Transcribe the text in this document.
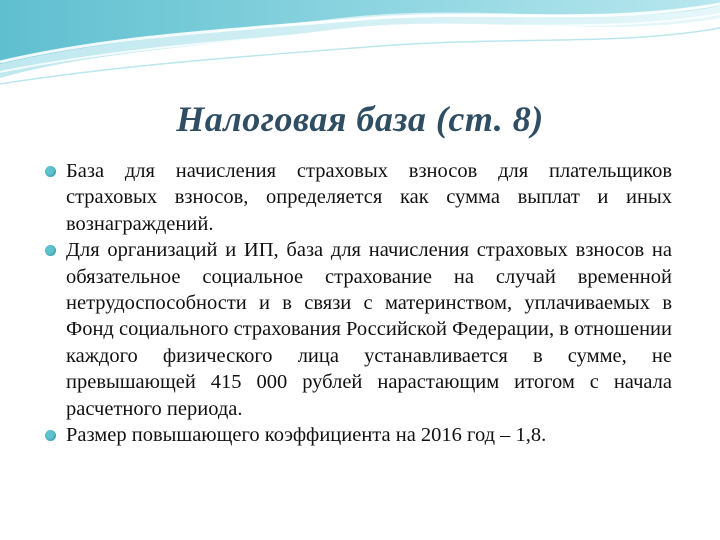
Налоговая база (ст. 8)
База для начисления страховых взносов для плательщиков страховых взносов, определяется как сумма выплат и иных вознаграждений.
Для организаций и ИП, база для начисления страховых взносов на обязательное социальное страхование на случай временной нетрудоспособности и в связи с материнством, уплачиваемых в Фонд социального страхования Российской Федерации, в отношении каждого физического лица устанавливается в сумме, не превышающей 415 000 рублей нарастающим итогом с начала расчетного периода.
Размер повышающего коэффициента на 2016 год – 1,8.
